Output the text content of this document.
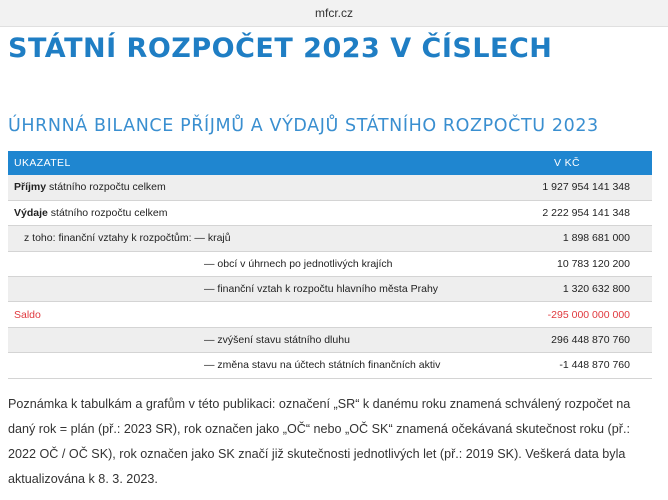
mfcr.cz
STÁTNÍ ROZPOČET 2023 V ČÍSLECH
ÚHRNNÁ BILANCE PŘÍJMŮ A VÝDAJŮ STÁTNÍHO ROZPOČTU 2023
UKAZATEL	V KČ
Příjmy státního rozpočtu celkem	1 927 954 141 348
Výdaje státního rozpočtu celkem	2 222 954 141 348
z toho: finanční vztahy k rozpočtům: — krajů	1 898 681 000
— obcí v úhrnech po jednotlivých krajích	10 783 120 200
— finanční vztah k rozpočtu hlavního města Prahy	1 320 632 800
Saldo	-295 000 000 000
— zvýšení stavu státního dluhu	296 448 870 760
— změna stavu na účtech státních finančních aktiv	-1 448 870 760

Poznámka k tabulkám a grafům v této publikaci: označení „SR“ k danému roku znamená schválený rozpočet na daný rok = plán (př.: 2023 SR), rok označen jako „OČ“ nebo „OČ SK“ znamená očekávaná skutečnost roku (př.: 2022 OČ / OČ SK), rok označen jako SK značí již skutečnosti jednotlivých let (př.: 2019 SK). Veškerá data byla aktualizována k 8. 3. 2023.
